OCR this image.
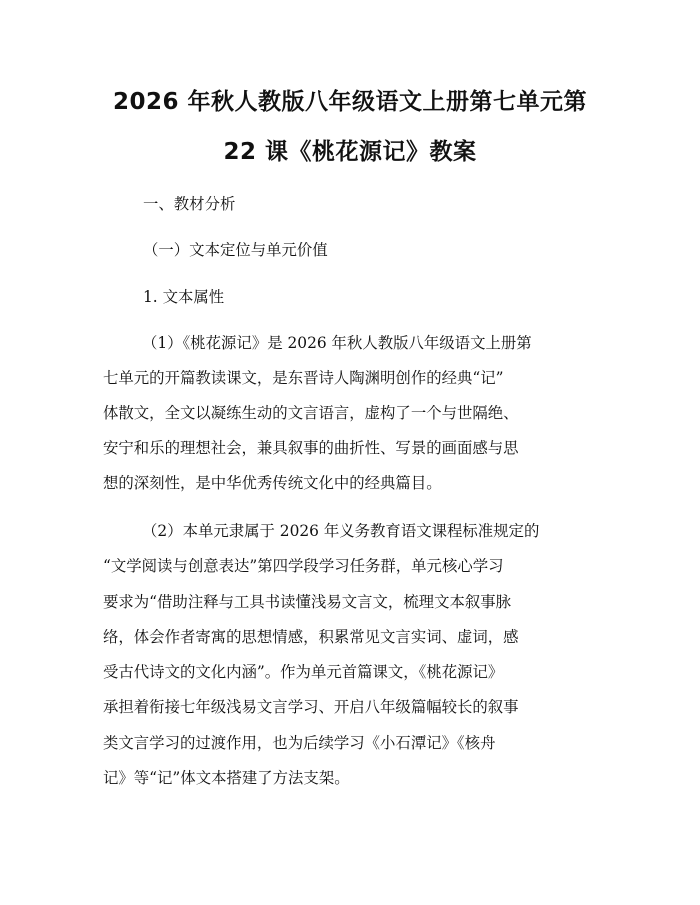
2026 年秋人教版八年级语文上册第七单元第
22 课《桃花源记》教案

一、教材分析

（一）文本定位与单元价值

1. 文本属性

（1）《桃花源记》是 2026 年秋人教版八年级语文上册第

七单元的开篇教读课文，是东晋诗人陶渊明创作的经典“记”

体散文，全文以凝练生动的文言语言，虚构了一个与世隔绝、

安宁和乐的理想社会，兼具叙事的曲折性、写景的画面感与思

想的深刻性，是中华优秀传统文化中的经典篇目。

（2）本单元隶属于 2026 年义务教育语文课程标准规定的

“文学阅读与创意表达”第四学段学习任务群，单元核心学习

要求为“借助注释与工具书读懂浅易文言文，梳理文本叙事脉

络，体会作者寄寓的思想情感，积累常见文言实词、虚词，感

受古代诗文的文化内涵”。作为单元首篇课文，《桃花源记》

承担着衔接七年级浅易文言学习、开启八年级篇幅较长的叙事

类文言学习的过渡作用，也为后续学习《小石潭记》《核舟

记》等“记”体文本搭建了方法支架。
